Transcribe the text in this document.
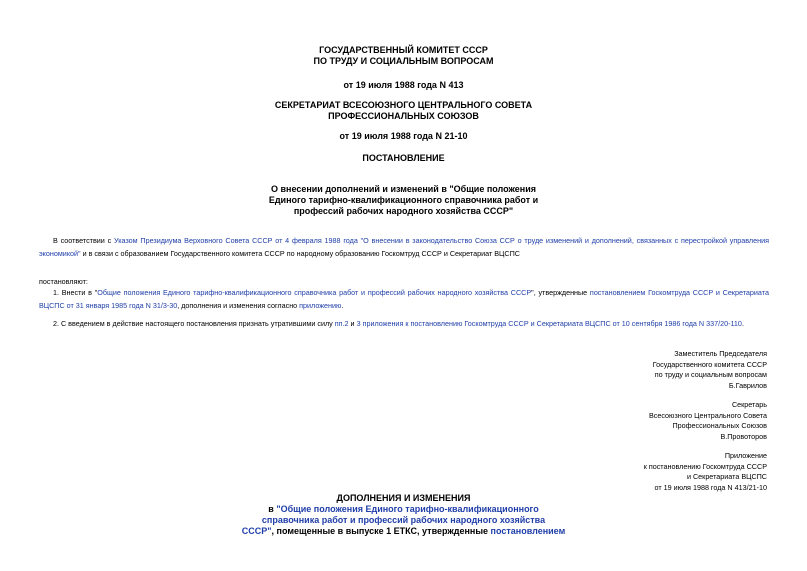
ГОСУДАРСТВЕННЫЙ КОМИТЕТ СССР
ПО ТРУДУ И СОЦИАЛЬНЫМ ВОПРОСАМ
от 19 июля 1988 года N 413
СЕКРЕТАРИАТ ВСЕСОЮЗНОГО ЦЕНТРАЛЬНОГО СОВЕТА
ПРОФЕССИОНАЛЬНЫХ СОЮЗОВ
от 19 июля 1988 года N 21-10
ПОСТАНОВЛЕНИЕ
О внесении дополнений и изменений в "Общие положения
Единого тарифно-квалификационного справочника работ и
профессий рабочих народного хозяйства СССР"
В соответствии с Указом Президиума Верховного Совета СССР от 4 февраля 1988 года "О внесении в законодательство Союза ССР о труде изменений и дополнений, связанных с перестройкой управления экономикой" и в связи с образованием Государственного комитета СССР по народному образованию Госкомтруд СССР и Секретариат ВЦСПС
постановляют:
1. Внести в "Общие положения Единого тарифно-квалификационного справочника работ и профессий рабочих народного хозяйства СССР", утвержденные постановлением Госкомтруда СССР и Секретариата ВЦСПС от 31 января 1985 года N 31/3-30, дополнения и изменения согласно приложению.
2. С введением в действие настоящего постановления признать утратившими силу пп.2 и 3 приложения к постановлению Госкомтруда СССР и Секретариата ВЦСПС от 10 сентября 1986 года N 337/20-110.
Заместитель Председателя
Государственного комитета СССР
по труду и социальным вопросам
Б.Гаврилов
Секретарь
Всесоюзного Центрального Совета
Профессиональных Союзов
В.Провоторов
Приложение
к постановлению Госкомтруда СССР
и Секретариата ВЦСПС
от 19 июля 1988 года N 413/21-10
ДОПОЛНЕНИЯ И ИЗМЕНЕНИЯ
в "Общие положения Единого тарифно-квалификационного
справочника работ и профессий рабочих народного хозяйства
СССР", помещенные в выпуске 1 ЕТКС, утвержденные постановлением
